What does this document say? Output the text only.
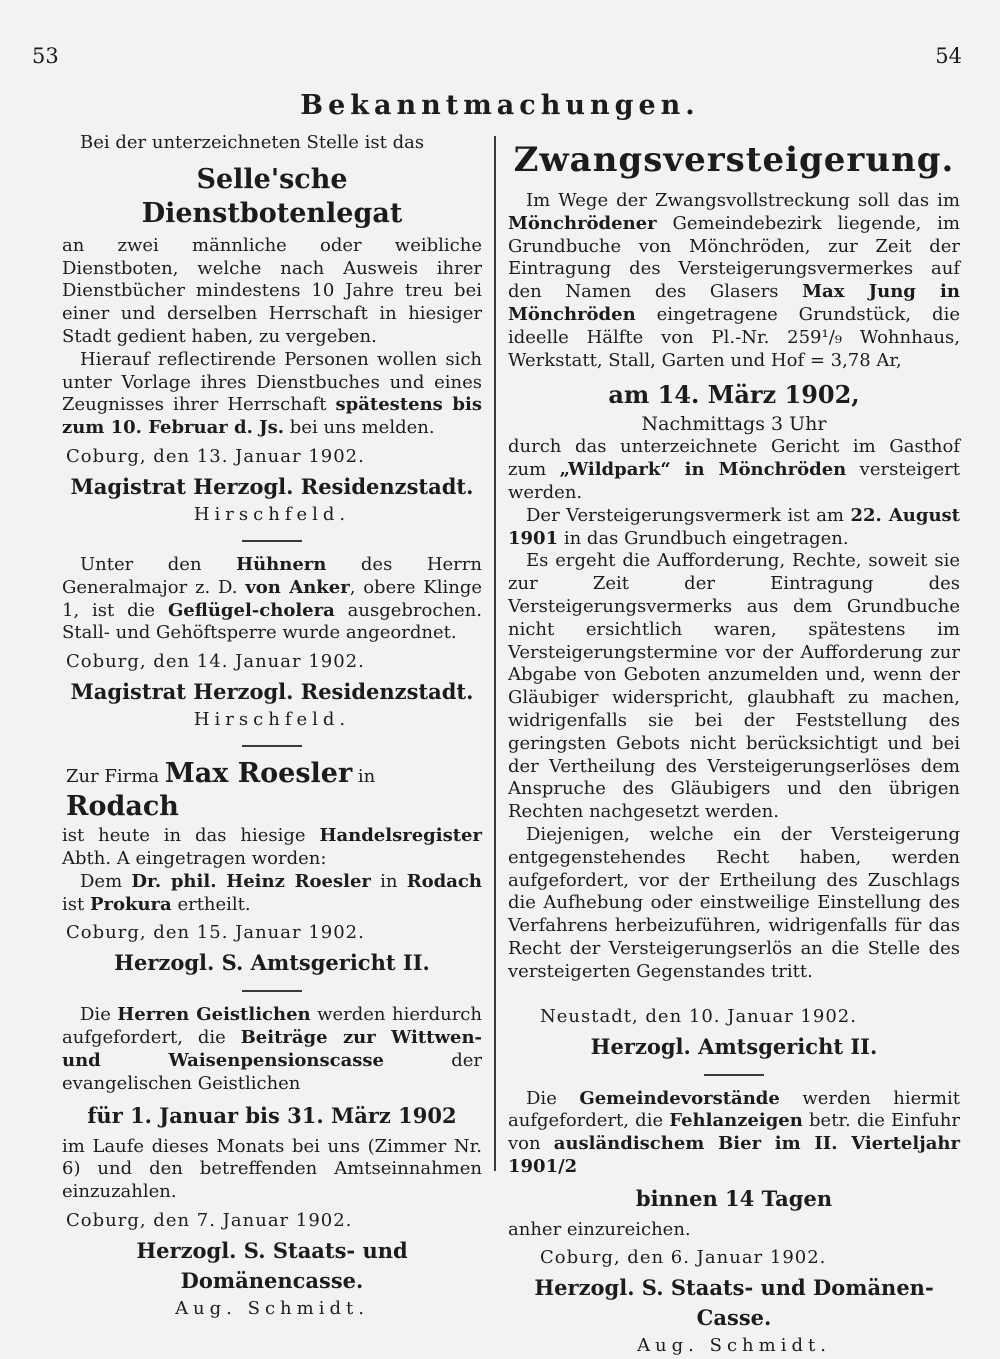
53	54
Bekanntmachungen.

Bei der unterzeichneten Stelle ist das

Selle'sche Dienstbotenlegat

an zwei männliche oder weibliche Dienstboten, welche nach Ausweis ihrer Dienstbücher mindestens 10 Jahre treu bei einer und derselben Herrschaft in hiesiger Stadt gedient haben, zu vergeben.

Hierauf reflectirende Personen wollen sich unter Vorlage ihres Dienstbuches und eines Zeugnisses ihrer Herrschaft spätestens bis zum 10. Februar d. Js. bei uns melden.

Coburg, den 13. Januar 1902.
Magistrat Herzogl. Residenzstadt.
Hirschfeld.

Unter den Hühnern des Herrn Generalmajor z. D. von Anker, obere Klinge 1, ist die Geflügel-cholera ausgebrochen. Stall- und Gehöftsperre wurde angeordnet.

Coburg, den 14. Januar 1902.
Magistrat Herzogl. Residenzstadt.
Hirschfeld.
Zur Firma Max Roesler in Rodach

ist heute in das hiesige Handelsregister Abth. A eingetragen worden:

Dem Dr. phil. Heinz Roesler in Rodach ist Prokura ertheilt.

Coburg, den 15. Januar 1902.
Herzogl. S. Amtsgericht II.

Die Herren Geistlichen werden hierdurch aufgefordert, die Beiträge zur Wittwen- und Waisenpensionscasse	der evangelischen Geistlichen

für 1. Januar bis 31. März 1902

im Laufe dieses Monats bei uns (Zimmer Nr. 6) und den betreffenden Amtseinnahmen einzuzahlen.

Coburg, den 7. Januar 1902.
Herzogl. S. Staats- und Domänencasse.
Aug. Schmidt.
Zwangsversteigerung.

Im Wege der Zwangsvollstreckung soll das im Mönchrödener Gemeindebezirk liegende, im Grundbuche von Mönchröden, zur Zeit der Eintragung des Versteigerungsvermerkes auf den Namen des Glasers Max Jung in Mönchröden eingetragene Grundstück, die ideelle Hälfte von Pl.-Nr. 259¹/₉ Wohnhaus, Werkstatt, Stall, Garten und Hof = 3,78 Ar,

am 14. März 1902,
Nachmittags 3 Uhr

durch das unterzeichnete Gericht im Gasthof zum „Wildpark“ in Mönchröden versteigert werden.

Der Versteigerungsvermerk ist am 22. August 1901 in das Grundbuch eingetragen.

Es ergeht die Aufforderung, Rechte, soweit sie zur Zeit der Eintragung des Versteigerungsvermerks aus dem Grundbuche nicht ersichtlich waren, spätestens im Versteigerungstermine vor der Aufforderung zur Abgabe von Geboten anzumelden und, wenn der Gläubiger widerspricht, glaubhaft zu machen, widrigenfalls sie bei der Feststellung des geringsten Gebots nicht berücksichtigt und bei der Vertheilung des Versteigerungserlöses dem Anspruche des Gläubigers und den übrigen Rechten nachgesetzt werden.

Diejenigen, welche ein der Versteigerung entgegenstehendes Recht haben, werden aufgefordert, vor der Ertheilung des Zuschlags die Aufhebung oder einstweilige Einstellung des Verfahrens herbeizuführen, widrigenfalls für das Recht der Versteigerungserlös an die Stelle des versteigerten Gegenstandes tritt.

Neustadt, den 10. Januar 1902.
Herzogl. Amtsgericht II.

Die Gemeindevorstände werden hiermit aufgefordert, die Fehlanzeigen betr. die Einfuhr von ausländischem Bier im II. Vierteljahr 1901/2

binnen 14 Tagen

anher einzureichen.

Coburg, den 6. Januar 1902.
Herzogl. S. Staats- und Domänen-Casse.
Aug. Schmidt.
